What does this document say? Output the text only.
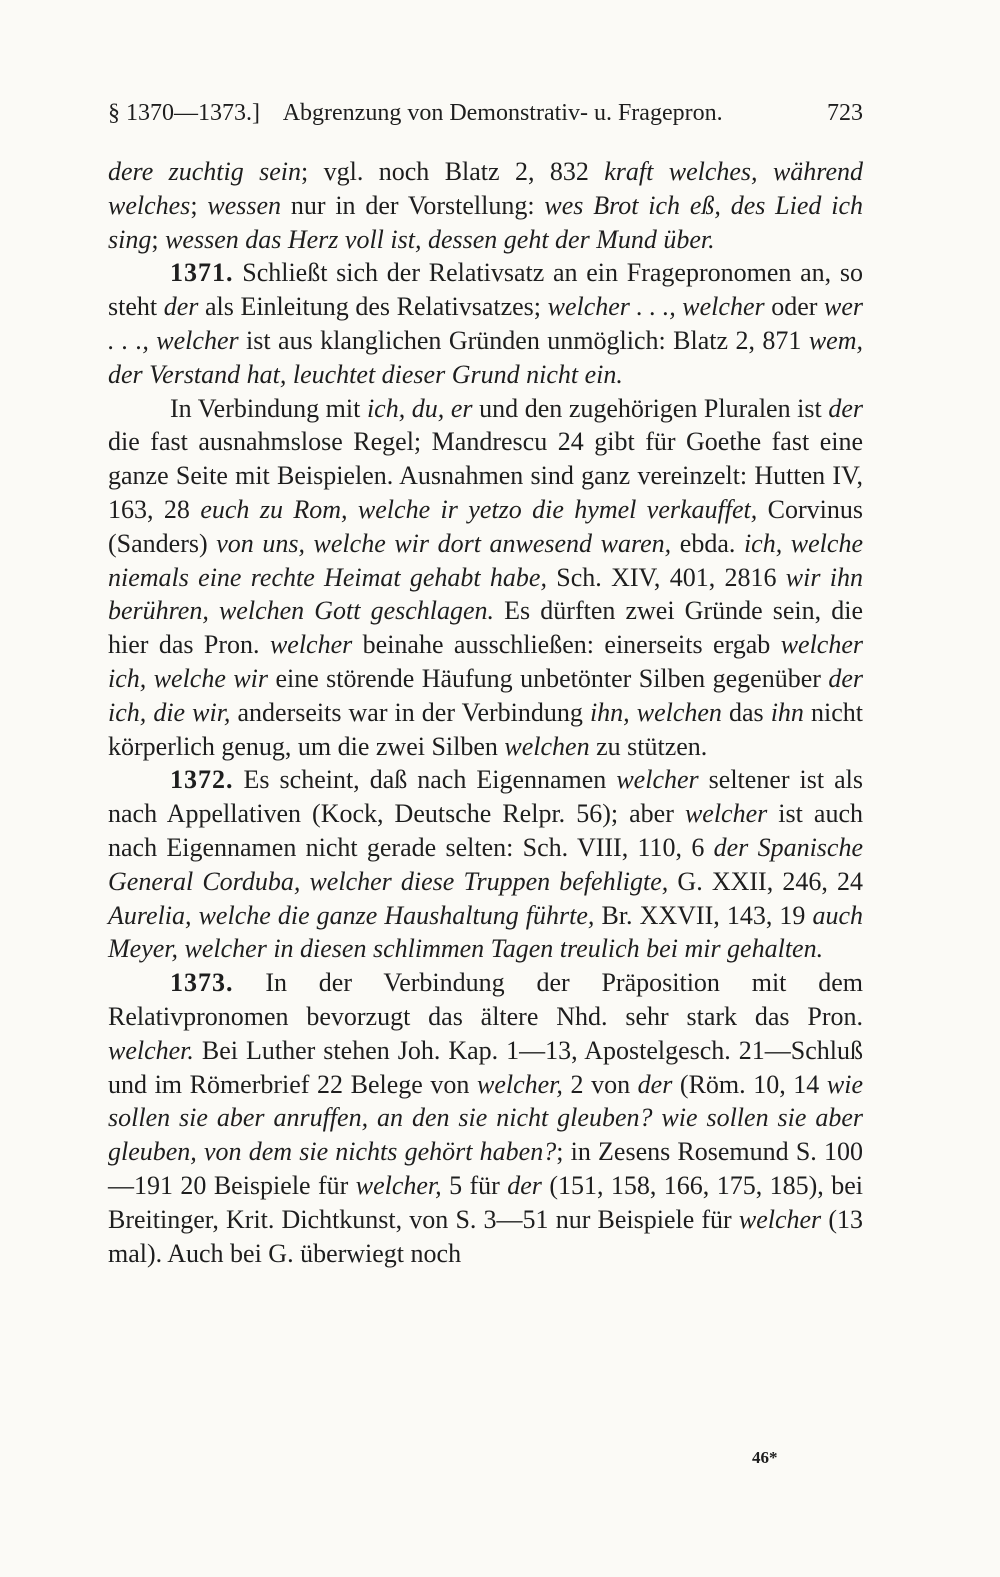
§ 1370—1373.] Abgrenzung von Demonstrativ- u. Fragepron.	723

dere zuchtig sein; vgl. noch Blatz 2, 832 kraft welches, während welches; wessen nur in der Vorstellung: wes Brot ich eß, des Lied ich sing; wessen das Herz voll ist, dessen geht der Mund über.

1371. Schließt sich der Relativsatz an ein Fragepronomen an, so steht der als Einleitung des Relativsatzes; welcher . . ., welcher oder wer . . ., welcher ist aus klanglichen Gründen unmöglich: Blatz 2, 871 wem, der Verstand hat, leuchtet dieser Grund nicht ein.

In Verbindung mit ich, du, er und den zugehörigen Pluralen ist der die fast ausnahmslose Regel; Mandrescu 24 gibt für Goethe fast eine ganze Seite mit Beispielen. Ausnahmen sind ganz vereinzelt: Hutten IV, 163, 28 euch zu Rom, welche ir yetzo die hymel verkauffet, Corvinus (Sanders) von uns, welche wir dort anwesend waren, ebda. ich, welche niemals eine rechte Heimat gehabt habe, Sch. XIV, 401, 2816 wir ihn berühren, welchen Gott geschlagen. Es dürften zwei Gründe sein, die hier das Pron. welcher beinahe ausschließen: einerseits ergab welcher ich, welche wir eine störende Häufung unbetönter Silben gegenüber der ich, die wir, anderseits war in der Verbindung ihn, welchen das ihn nicht körperlich genug, um die zwei Silben welchen zu stützen.

1372. Es scheint, daß nach Eigennamen welcher seltener ist als nach Appellativen (Kock, Deutsche Relpr. 56); aber welcher ist auch nach Eigennamen nicht gerade selten: Sch. VIII, 110, 6 der Spanische General Corduba, welcher diese Truppen befehligte, G. XXII, 246, 24 Aurelia, welche die ganze Haushaltung führte, Br. XXVII, 143, 19 auch Meyer, welcher in diesen schlimmen Tagen treulich bei mir gehalten.

1373. In der Verbindung der Präposition mit dem Relativpronomen bevorzugt das ältere Nhd. sehr stark das Pron. welcher. Bei Luther stehen Joh. Kap. 1—13, Apostelgesch. 21—Schluß und im Römerbrief 22 Belege von welcher, 2 von der (Röm. 10, 14 wie sollen sie aber anruffen, an den sie nicht gleuben? wie sollen sie aber gleuben, von dem sie nichts gehört haben?; in Zesens Rosemund S. 100—191 20 Beispiele für welcher, 5 für der (151, 158, 166, 175, 185), bei Breitinger, Krit. Dichtkunst, von S. 3—51 nur Beispiele für welcher (13 mal). Auch bei G. überwiegt noch

46*
